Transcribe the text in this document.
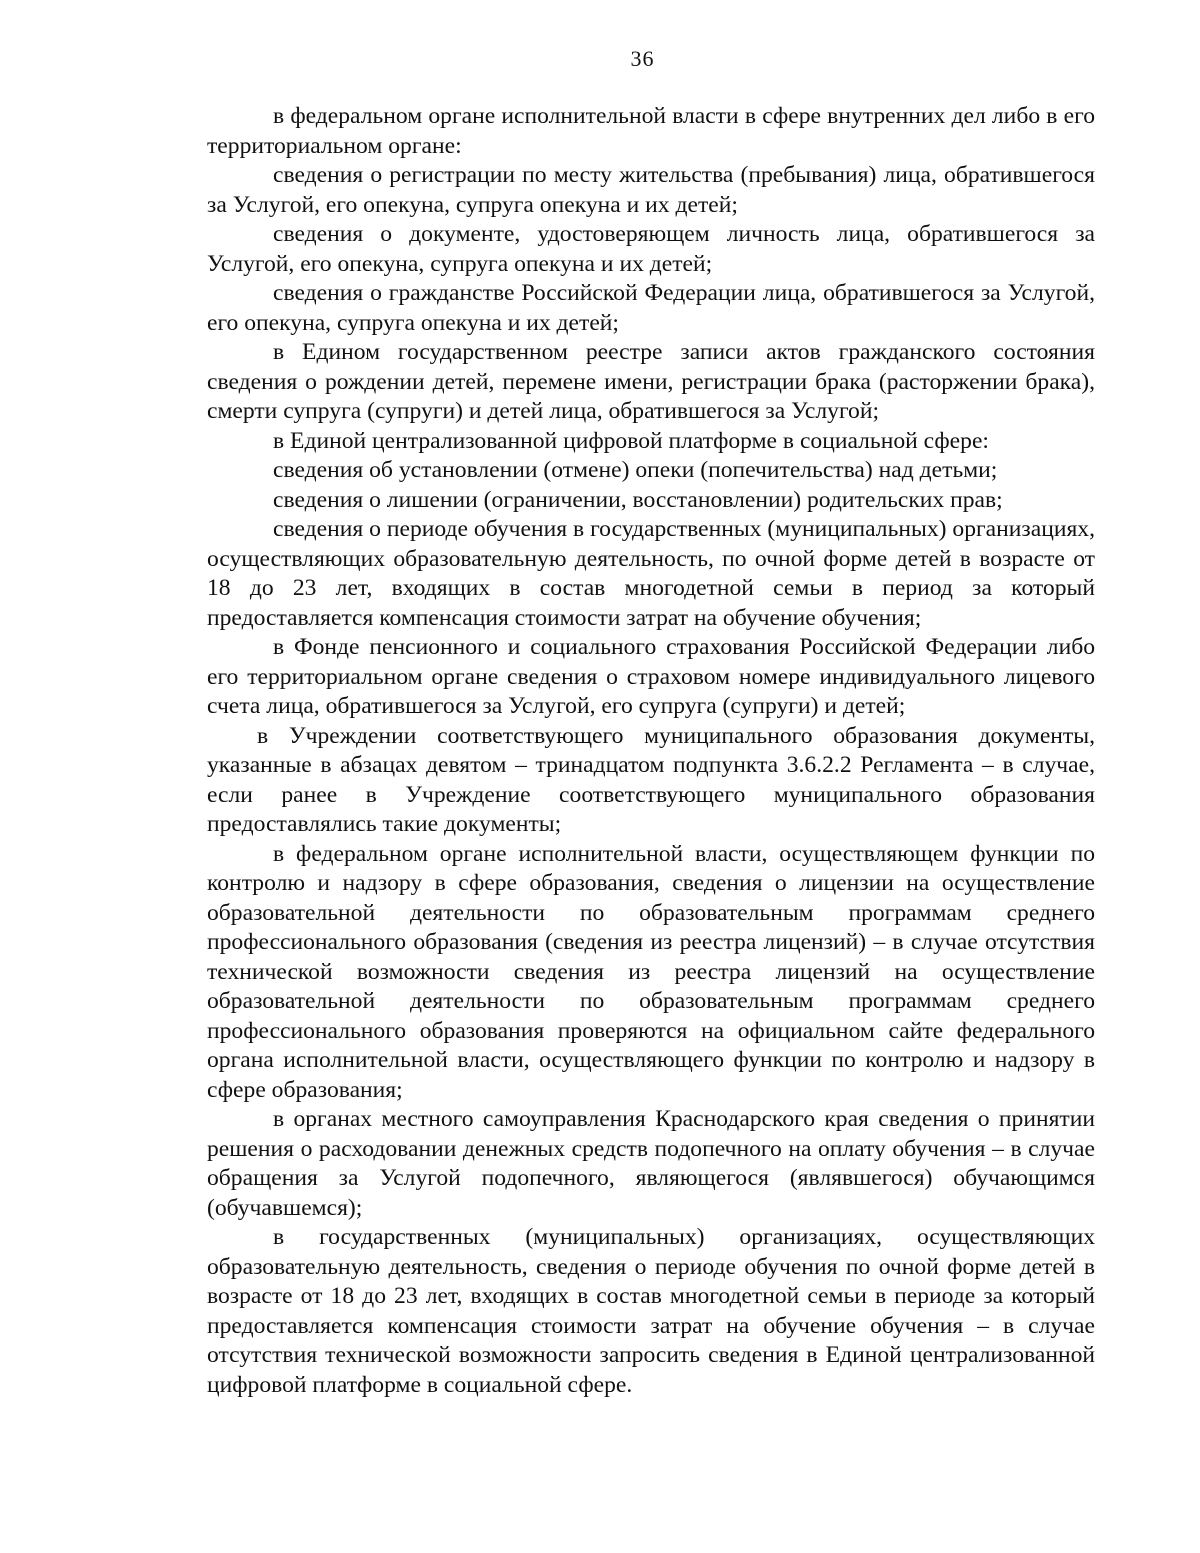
36

в федеральном органе исполнительной власти в сфере внутренних дел либо в его территориальном органе:

сведения о регистрации по месту жительства (пребывания) лица, обратившегося за Услугой, его опекуна, супруга опекуна и их детей;

сведения о документе, удостоверяющем личность лица, обратившегося за Услугой, его опекуна, супруга опекуна и их детей;

сведения о гражданстве Российской Федерации лица, обратившегося за Услугой, его опекуна, супруга опекуна и их детей;

в Едином государственном реестре записи актов гражданского состояния сведения о рождении детей, перемене имени, регистрации брака (расторжении брака), смерти супруга (супруги) и детей лица, обратившегося за Услугой;

в Единой централизованной цифровой платформе в социальной сфере:

сведения об установлении (отмене) опеки (попечительства) над детьми;

сведения о лишении (ограничении, восстановлении) родительских прав;

сведения о периоде обучения в государственных (муниципальных) организациях, осуществляющих образовательную деятельность, по очной форме детей в возрасте от 18 до 23 лет, входящих в состав многодетной семьи в период за который предоставляется компенсация стоимости затрат на обучение обучения;

в Фонде пенсионного и социального страхования Российской Федерации либо его территориальном органе сведения о страховом номере индивидуального лицевого счета лица, обратившегося за Услугой, его супруга (супруги) и детей;

в Учреждении соответствующего муниципального образования документы, указанные в абзацах девятом – тринадцатом подпункта 3.6.2.2 Регламента – в случае, если ранее в Учреждение соответствующего муниципального образования предоставлялись такие документы;

в федеральном органе исполнительной власти, осуществляющем функции по контролю и надзору в сфере образования, сведения о лицензии на осуществление образовательной деятельности по образовательным программам среднего профессионального образования (сведения из реестра лицензий) – в случае отсутствия технической возможности сведения из реестра лицензий на осуществление образовательной деятельности по образовательным программам среднего профессионального образования проверяются на официальном сайте федерального органа исполнительной власти, осуществляющего функции по контролю и надзору в сфере образования;

в органах местного самоуправления Краснодарского края сведения о принятии решения о расходовании денежных средств подопечного на оплату обучения – в случае обращения за Услугой подопечного, являющегося (являвшегося) обучающимся (обучавшемся);

в государственных (муниципальных) организациях, осуществляющих образовательную деятельность, сведения о периоде обучения по очной форме детей в возрасте от 18 до 23 лет, входящих в состав многодетной семьи в периоде за который предоставляется компенсация стоимости затрат на обучение обучения – в случае отсутствия технической возможности запросить сведения в Единой централизованной цифровой платформе в социальной сфере.
